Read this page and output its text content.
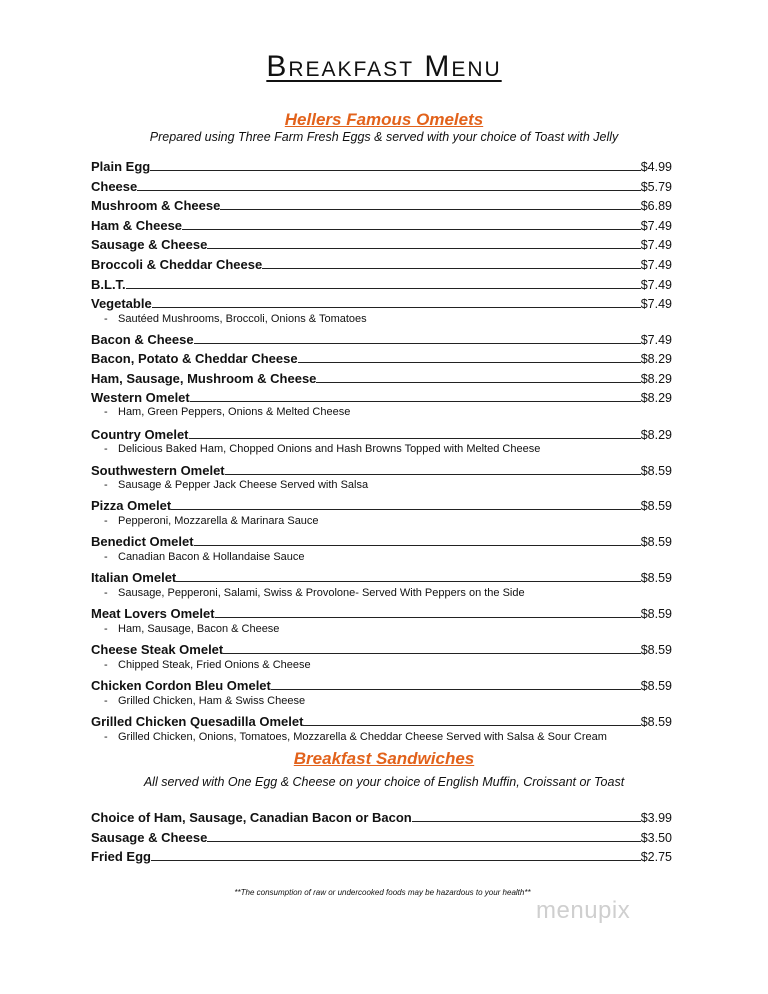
Breakfast Menu
Hellers Famous Omelets
Prepared using Three Farm Fresh Eggs & served with your choice of Toast with Jelly
Plain Egg	$4.99
Cheese	$5.79
Mushroom & Cheese	$6.89
Ham & Cheese	$7.49
Sausage & Cheese	$7.49
Broccoli & Cheddar Cheese	$7.49
B.L.T.	$7.49
Vegetable	$7.49
- Sautéed Mushrooms, Broccoli, Onions & Tomatoes
Bacon & Cheese	$7.49
Bacon, Potato & Cheddar Cheese	$8.29
Ham, Sausage, Mushroom & Cheese	$8.29
Western Omelet	$8.29
- Ham, Green Peppers, Onions & Melted Cheese
Country Omelet	$8.29
- Delicious Baked Ham, Chopped Onions and Hash Browns Topped with Melted Cheese
Southwestern Omelet	$8.59
- Sausage & Pepper Jack Cheese Served with Salsa
Pizza Omelet	$8.59
- Pepperoni, Mozzarella & Marinara Sauce
Benedict Omelet	$8.59
- Canadian Bacon & Hollandaise Sauce
Italian Omelet	$8.59
- Sausage, Pepperoni, Salami, Swiss & Provolone- Served With Peppers on the Side
Meat Lovers Omelet	$8.59
- Ham, Sausage, Bacon & Cheese
Cheese Steak Omelet	$8.59
- Chipped Steak, Fried Onions & Cheese
Chicken Cordon Bleu Omelet	$8.59
- Grilled Chicken, Ham & Swiss Cheese
Grilled Chicken Quesadilla Omelet	$8.59
- Grilled Chicken, Onions, Tomatoes, Mozzarella & Cheddar Cheese Served with Salsa & Sour Cream
Breakfast Sandwiches
All served with One Egg & Cheese on your choice of English Muffin, Croissant or Toast
Choice of Ham, Sausage, Canadian Bacon or Bacon	$3.99
Sausage & Cheese	$3.50
Fried Egg	$2.75
**The consumption of raw or undercooked foods may be hazardous to your health**
menupix
